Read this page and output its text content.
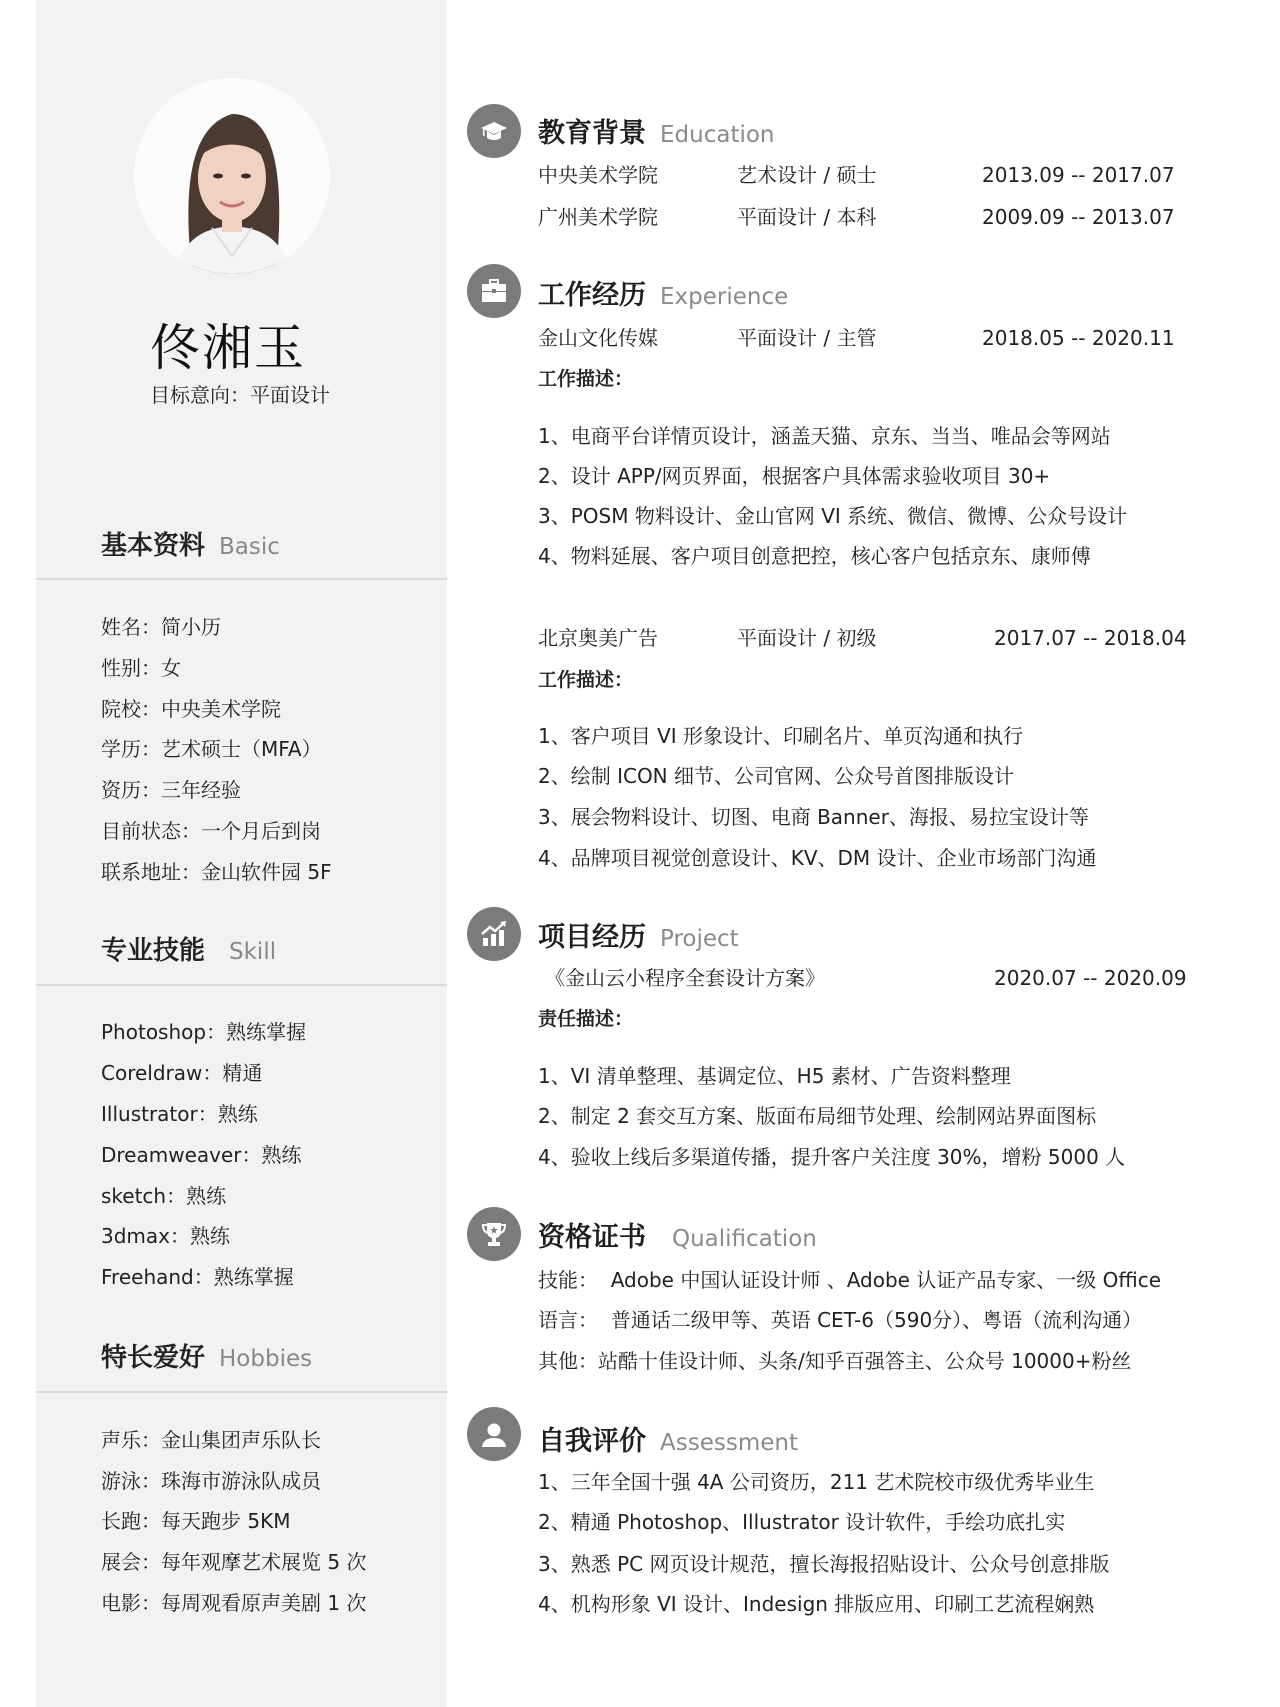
佟湘玉
目标意向：平面设计
基本资料 Basic
姓名：简小历
性别：女
院校：中央美术学院
学历：艺术硕士（MFA）
资历：三年经验
目前状态：一个月后到岗
联系地址：金山软件园 5F
专业技能 Skill
Photoshop：熟练掌握
Coreldraw：精通
Illustrator：熟练
Dreamweaver：熟练
sketch：熟练
3dmax：熟练
Freehand：熟练掌握
特长爱好 Hobbies
声乐：金山集团声乐队长
游泳：珠海市游泳队成员
长跑：每天跑步 5KM
展会：每年观摩艺术展览 5 次
电影：每周观看原声美剧 1 次
教育背景 Education
中央美术学院	艺术设计 / 硕士	2013.09 -- 2017.07
广州美术学院	平面设计 / 本科	2009.09 -- 2013.07
工作经历 Experience
金山文化传媒	平面设计 / 主管	2018.05 -- 2020.11
工作描述：
1、电商平台详情页设计，涵盖天猫、京东、当当、唯品会等网站
2、设计 APP/网页界面，根据客户具体需求验收项目 30+
3、POSM 物料设计、金山官网 VI 系统、微信、微博、公众号设计
4、物料延展、客户项目创意把控，核心客户包括京东、康师傅
北京奥美广告	平面设计 / 初级	2017.07 -- 2018.04
工作描述：
1、客户项目 VI 形象设计、印刷名片、单页沟通和执行
2、绘制 ICON 细节、公司官网、公众号首图排版设计
3、展会物料设计、切图、电商 Banner、海报、易拉宝设计等
4、品牌项目视觉创意设计、KV、DM 设计、企业市场部门沟通
项目经历 Project
《金山云小程序全套设计方案》	2020.07 -- 2020.09
责任描述：
1、VI 清单整理、基调定位、H5 素材、广告资料整理
2、制定 2 套交互方案、版面布局细节处理、绘制网站界面图标
4、验收上线后多渠道传播，提升客户关注度 30%，增粉 5000 人
资格证书 Qualification
技能：  Adobe 中国认证设计师 、Adobe 认证产品专家、一级 Office
语言：  普通话二级甲等、英语 CET-6（590分）、粤语（流利沟通）
其他：站酷十佳设计师、头条/知乎百强答主、公众号 10000+粉丝
自我评价 Assessment
1、三年全国十强 4A 公司资历，211 艺术院校市级优秀毕业生
2、精通 Photoshop、Illustrator 设计软件，手绘功底扎实
3、熟悉 PC 网页设计规范，擅长海报招贴设计、公众号创意排版
4、机构形象 VI 设计、Indesign 排版应用、印刷工艺流程娴熟
